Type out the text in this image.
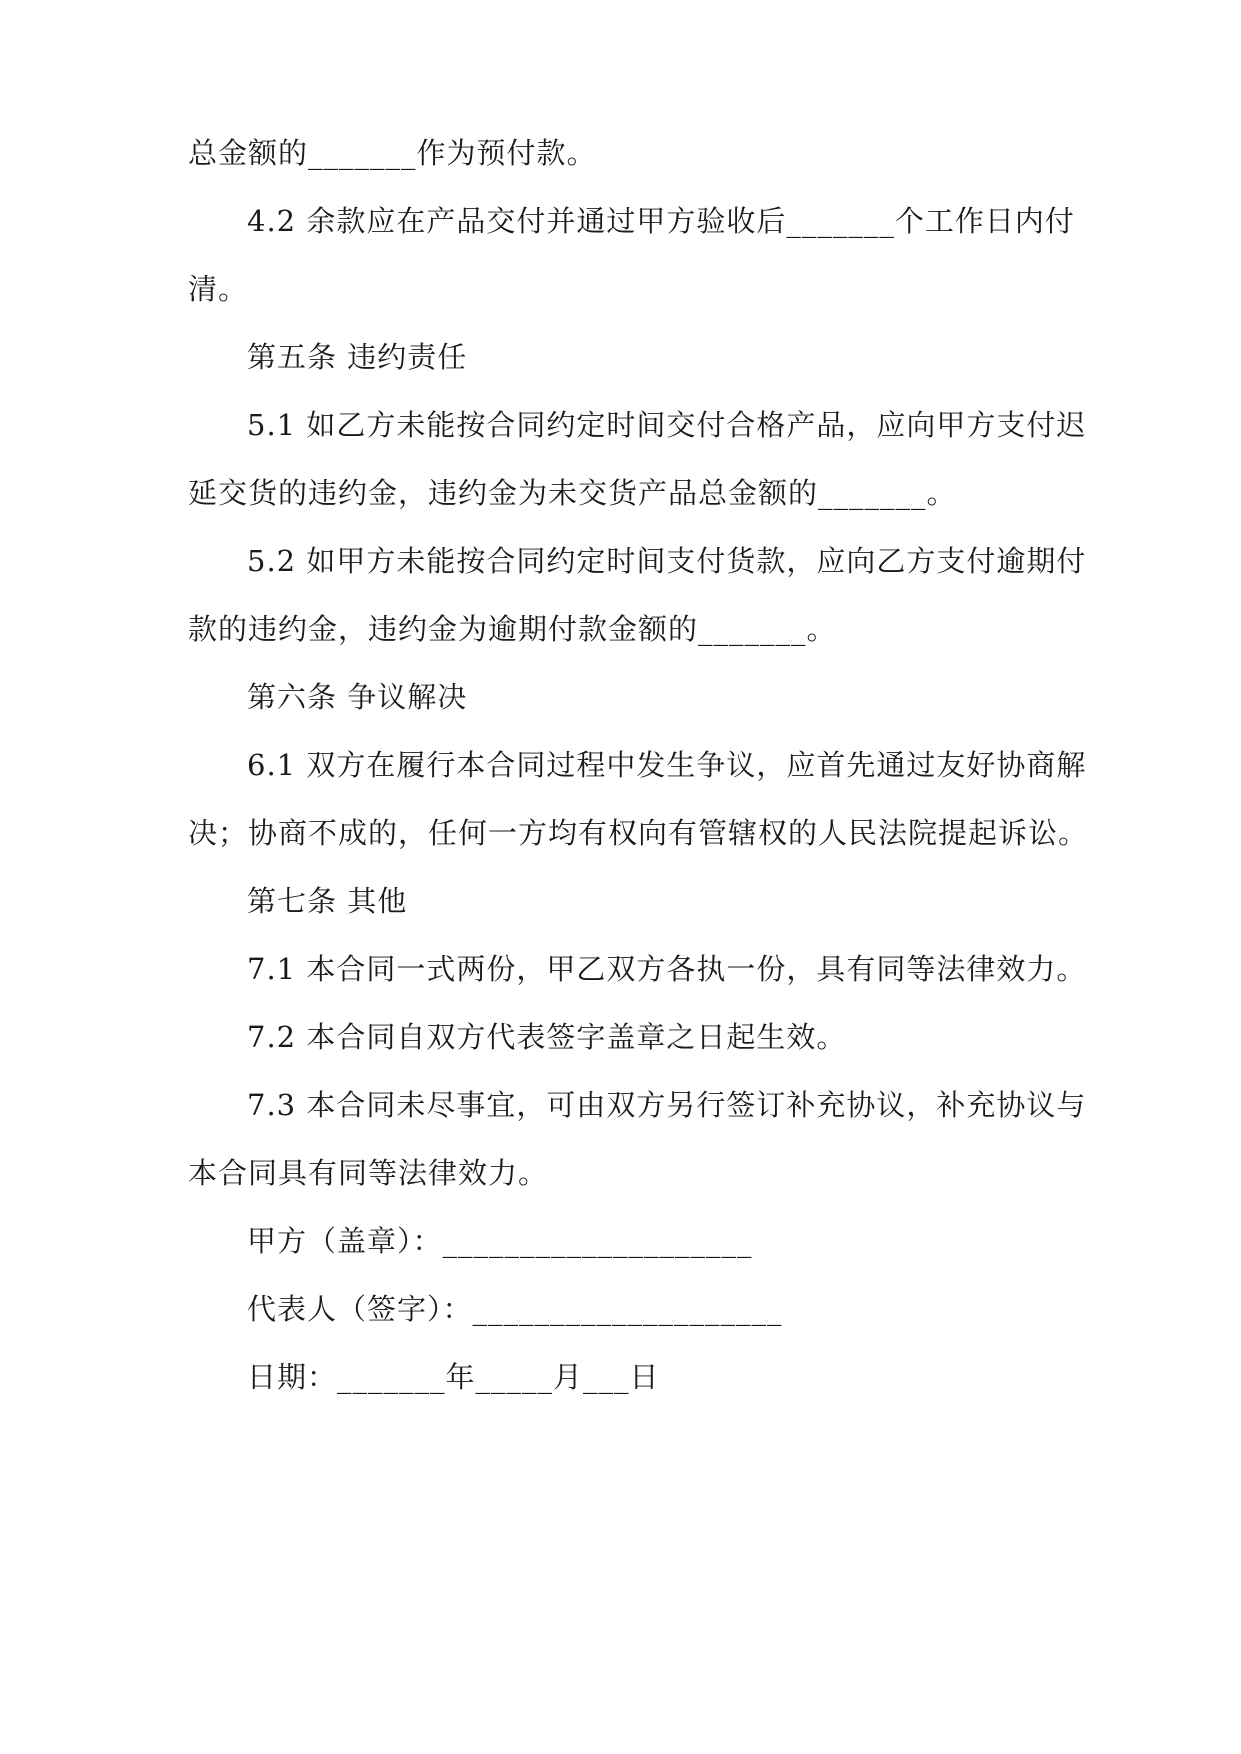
总金额的_______作为预付款。
4.2 余款应在产品交付并通过甲方验收后_______个工作日内付
清。
第五条 违约责任
5.1 如乙方未能按合同约定时间交付合格产品，应向甲方支付迟
延交货的违约金，违约金为未交货产品总金额的_______。
5.2 如甲方未能按合同约定时间支付货款，应向乙方支付逾期付
款的违约金，违约金为逾期付款金额的_______。
第六条 争议解决
6.1 双方在履行本合同过程中发生争议，应首先通过友好协商解
决；协商不成的，任何一方均有权向有管辖权的人民法院提起诉讼。
第七条 其他
7.1 本合同一式两份，甲乙双方各执一份，具有同等法律效力。
7.2 本合同自双方代表签字盖章之日起生效。
7.3 本合同未尽事宜，可由双方另行签订补充协议，补充协议与
本合同具有同等法律效力。
甲方（盖章）：____________________
代表人（签字）：____________________
日期：_______年_____月___日
